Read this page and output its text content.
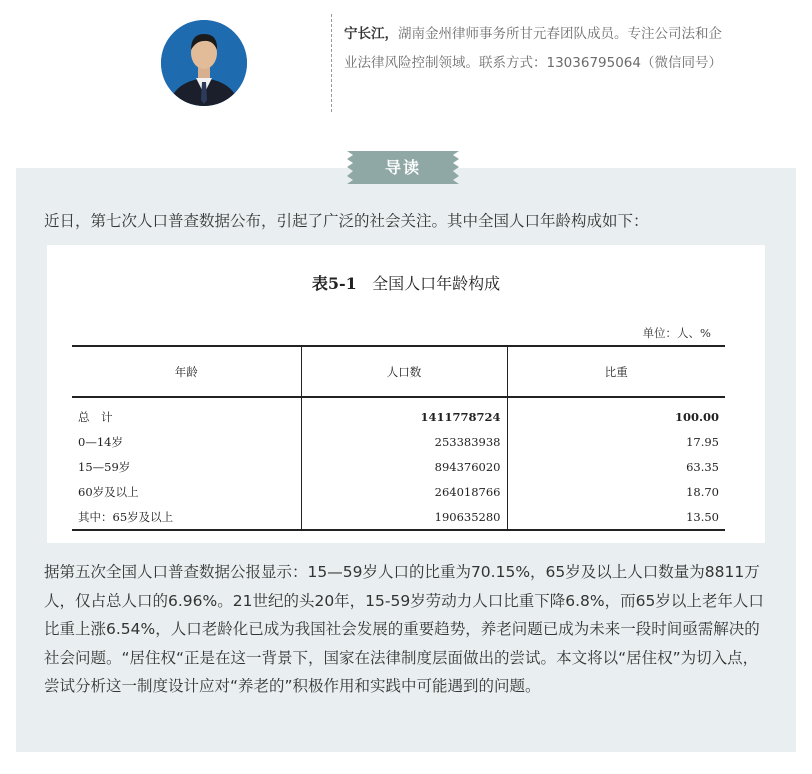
宁长江，湖南金州律师事务所甘元春团队成员。专注公司法和企业法律风险控制领域。联系方式：13036795064（微信同号）
导读
近日，第七次人口普查数据公布，引起了广泛的社会关注。其中全国人口年龄构成如下：
表5-1 全国人口年龄构成
单位：人、%
年龄	人口数	比重
总　计	1411778724	100.00
0—14岁	253383938	17.95
15—59岁	894376020	63.35
60岁及以上	264018766	18.70
其中：65岁及以上	190635280	13.50
据第五次全国人口普查数据公报显示：15—59岁人口的比重为70.15%，65岁及以上人口数量为8811万人，仅占总人口的6.96%。21世纪的头20年，15-59岁劳动力人口比重下降6.8%，而65岁以上老年人口比重上涨6.54%，人口老龄化已成为我国社会发展的重要趋势，养老问题已成为未来一段时间亟需解决的社会问题。“居住权“正是在这一背景下，国家在法律制度层面做出的尝试。本文将以“居住权”为切入点，尝试分析这一制度设计应对“养老的”积极作用和实践中可能遇到的问题。
